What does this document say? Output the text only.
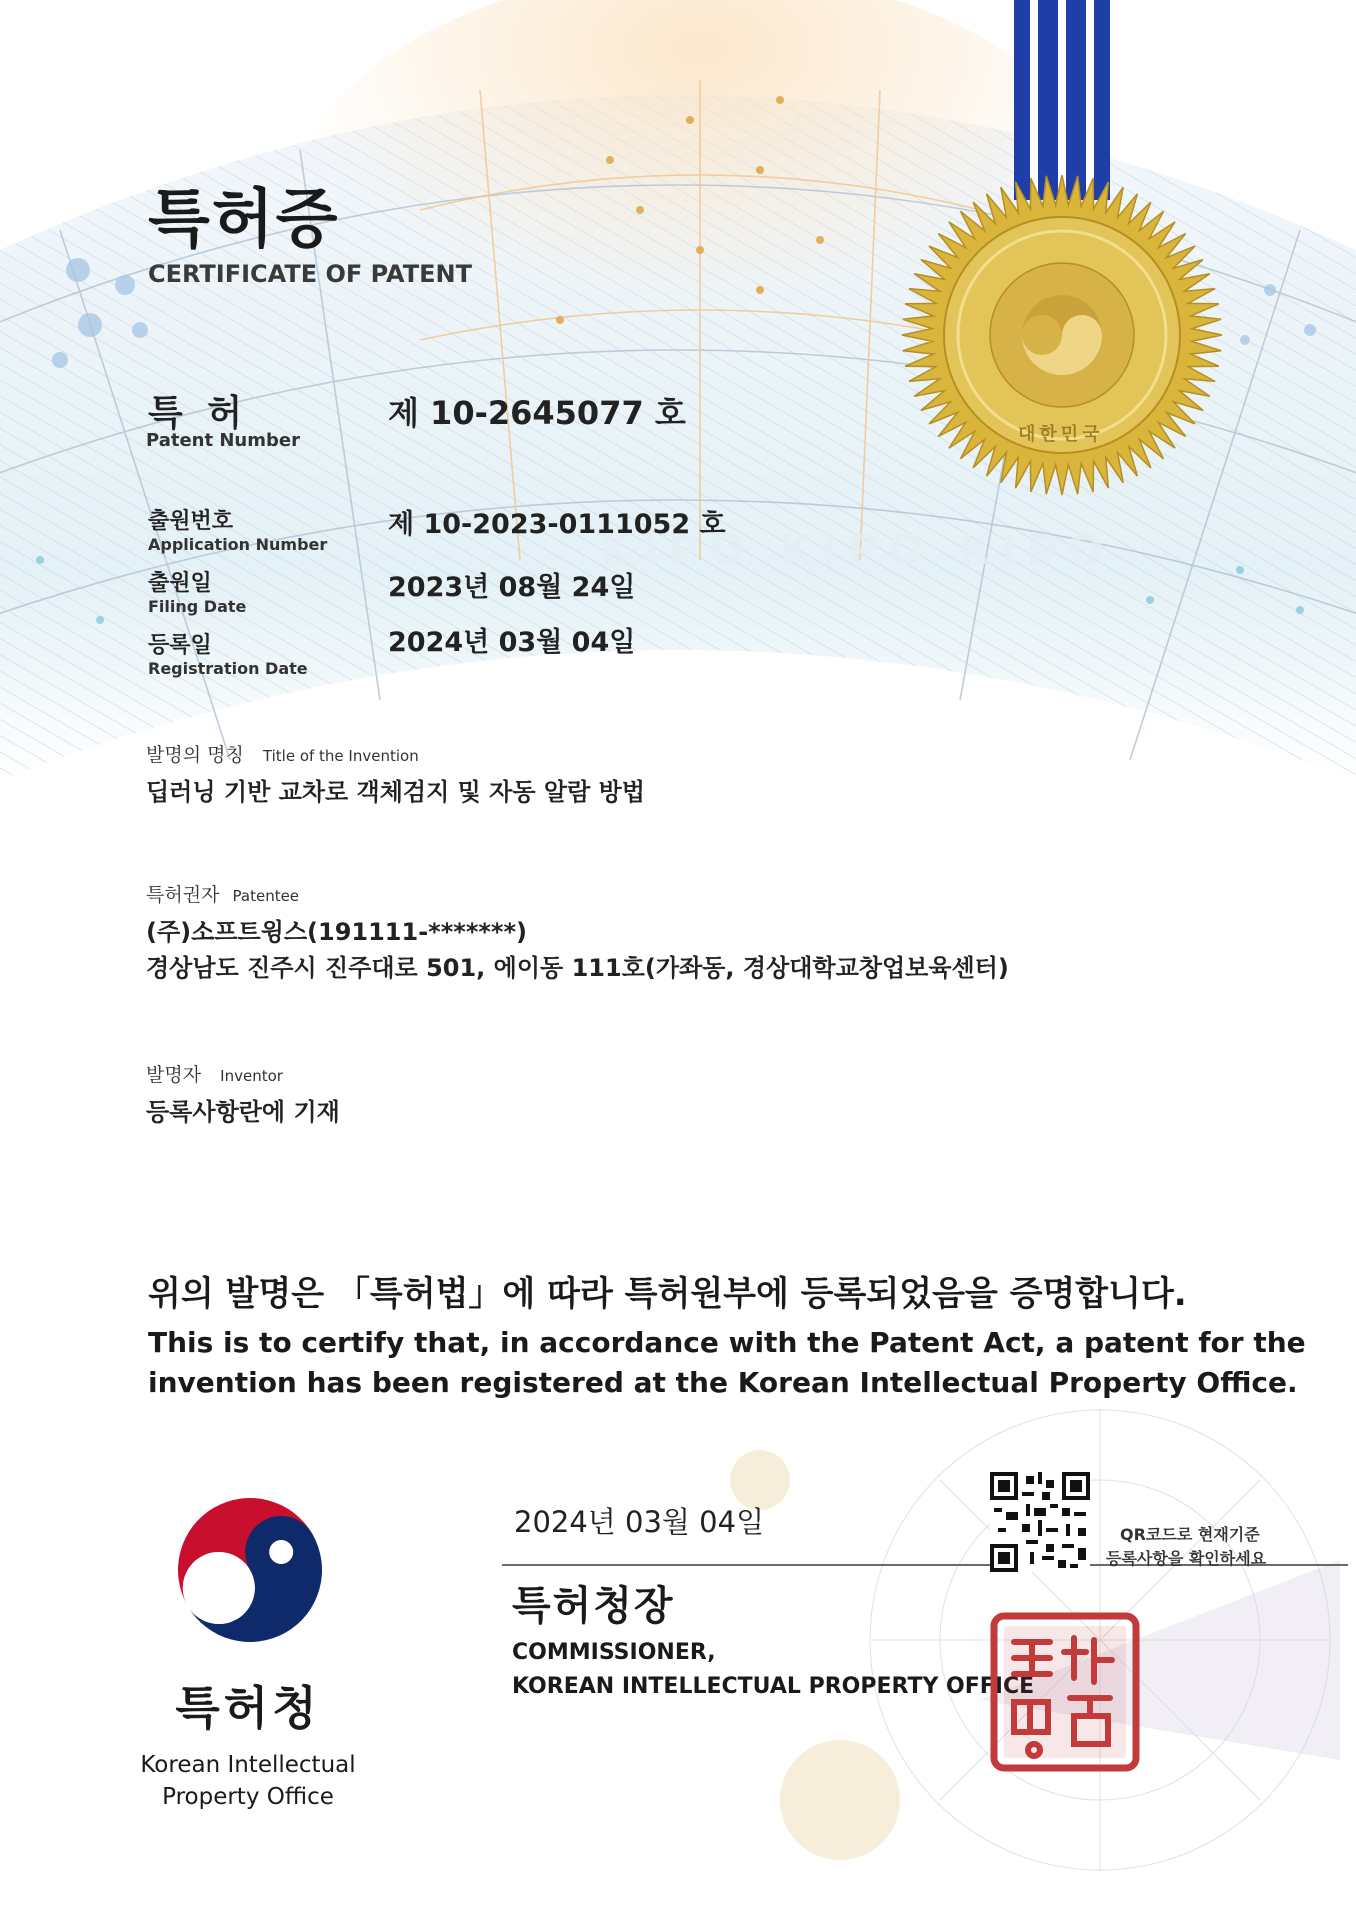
대한민국
KIPO KIPO KIPO
특허증
CERTIFICATE OF PATENT
특 허
Patent Number
제 10-2645077 호
출원번호
Application Number
제 10-2023-0111052 호
출원일
Filing Date
2023년 08월 24일
등록일
Registration Date
2024년 03월 04일
발명의 명칭 Title of the Invention
딥러닝 기반 교차로 객체검지 및 자동 알람 방법
특허권자 Patentee
(주)소프트윙스(191111-*******)
경상남도 진주시 진주대로 501, 에이동 111호(가좌동, 경상대학교창업보육센터)
발명자 Inventor
등록사항란에 기재
위의 발명은 「특허법」에 따라 특허원부에 등록되었음을 증명합니다.
This is to certify that, in accordance with the Patent Act, a patent for the
invention has been registered at the Korean Intellectual Property Office.
특허청
Korean Intellectual
Property Office
2024년 03월 04일
특허청장
COMMISSIONER,
KOREAN INTELLECTUAL PROPERTY OFFICE
QR코드로 현재기준
등록사항을 확인하세요
